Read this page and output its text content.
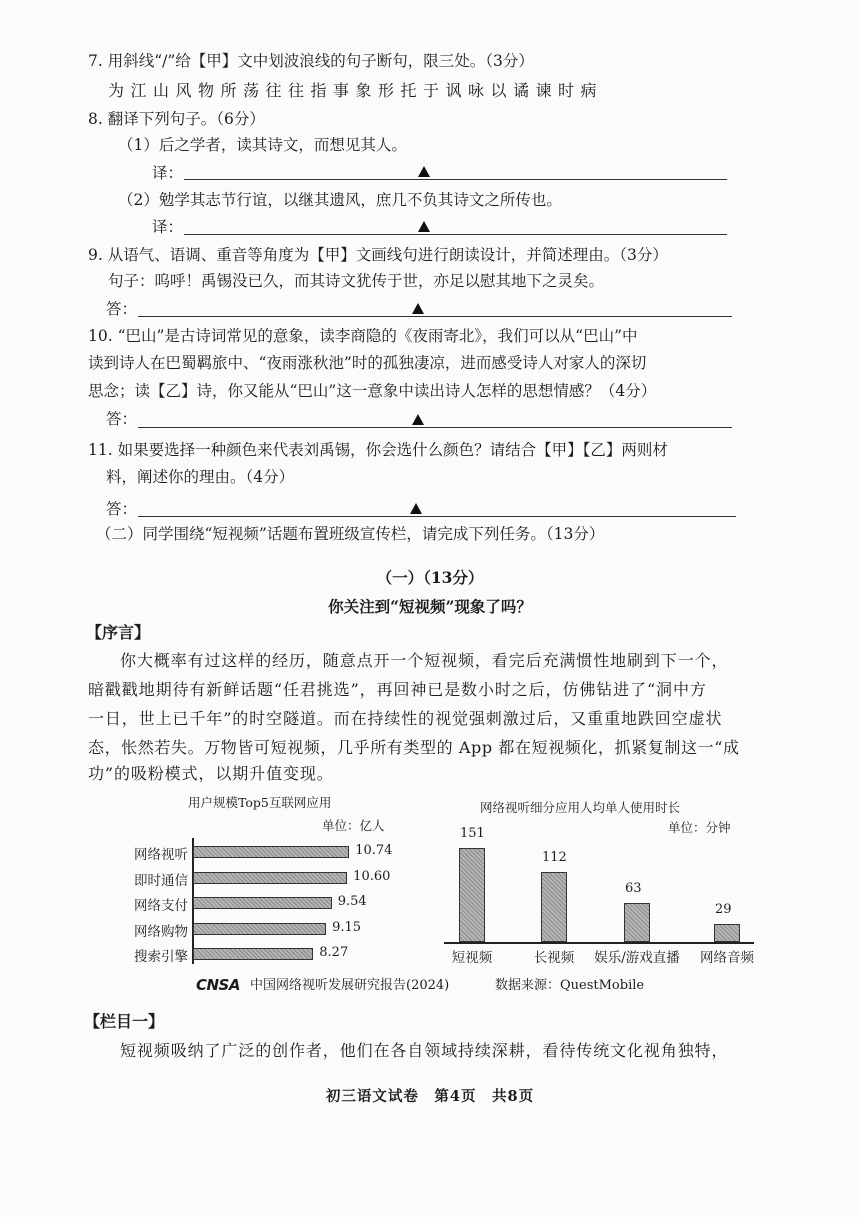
7. 用斜线“/”给【甲】文中划波浪线的句子断句，限三处。（3分）
为江山风物所荡往往指事象形托于讽咏以谲谏时病
8. 翻译下列句子。（6分）
（1）后之学者，读其诗文，而想见其人。
译：
（2）勉学其志节行谊，以继其遗风，庶几不负其诗文之所传也。
译：
9. 从语气、语调、重音等角度为【甲】文画线句进行朗读设计，并简述理由。（3分）
句子：呜呼！禹锡没已久，而其诗文犹传于世，亦足以慰其地下之灵矣。
答：
10. “巴山”是古诗词常见的意象，读李商隐的《夜雨寄北》，我们可以从“巴山”中
读到诗人在巴蜀羁旅中、“夜雨涨秋池”时的孤独凄凉，进而感受诗人对家人的深切
思念；读【乙】诗，你又能从“巴山”这一意象中读出诗人怎样的思想情感？（4分）
答：
11. 如果要选择一种颜色来代表刘禹锡，你会选什么颜色？请结合【甲】【乙】两则材
料，阐述你的理由。（4分）
答：
（二）同学围绕“短视频”话题布置班级宣传栏，请完成下列任务。（13分）
（一）（13分）
你关注到“短视频”现象了吗？
【序言】
你大概率有过这样的经历，随意点开一个短视频，看完后充满惯性地刷到下一个，
暗戳戳地期待有新鲜话题“任君挑选”，再回神已是数小时之后，仿佛钻进了“洞中方
一日，世上已千年”的时空隧道。而在持续性的视觉强刺激过后，又重重地跌回空虚状
态，怅然若失。万物皆可短视频，几乎所有类型的 App 都在短视频化，抓紧复制这一“成
功”的吸粉模式，以期升值变现。
用户规模Top5互联网应用
单位：亿人
网络视听	10.74
即时通信	10.60
网络支付	9.54
网络购物	9.15
搜索引擎	8.27
网络视听细分应用人均单人使用时长
单位：分钟
151
短视频
112
长视频
63
娱乐/游戏直播
29
网络音频
CNSA 中国网络视听发展研究报告(2024)	数据来源：QuestMobile
【栏目一】
短视频吸纳了广泛的创作者，他们在各自领域持续深耕，看待传统文化视角独特，
初三语文试卷　第4页　共8页
